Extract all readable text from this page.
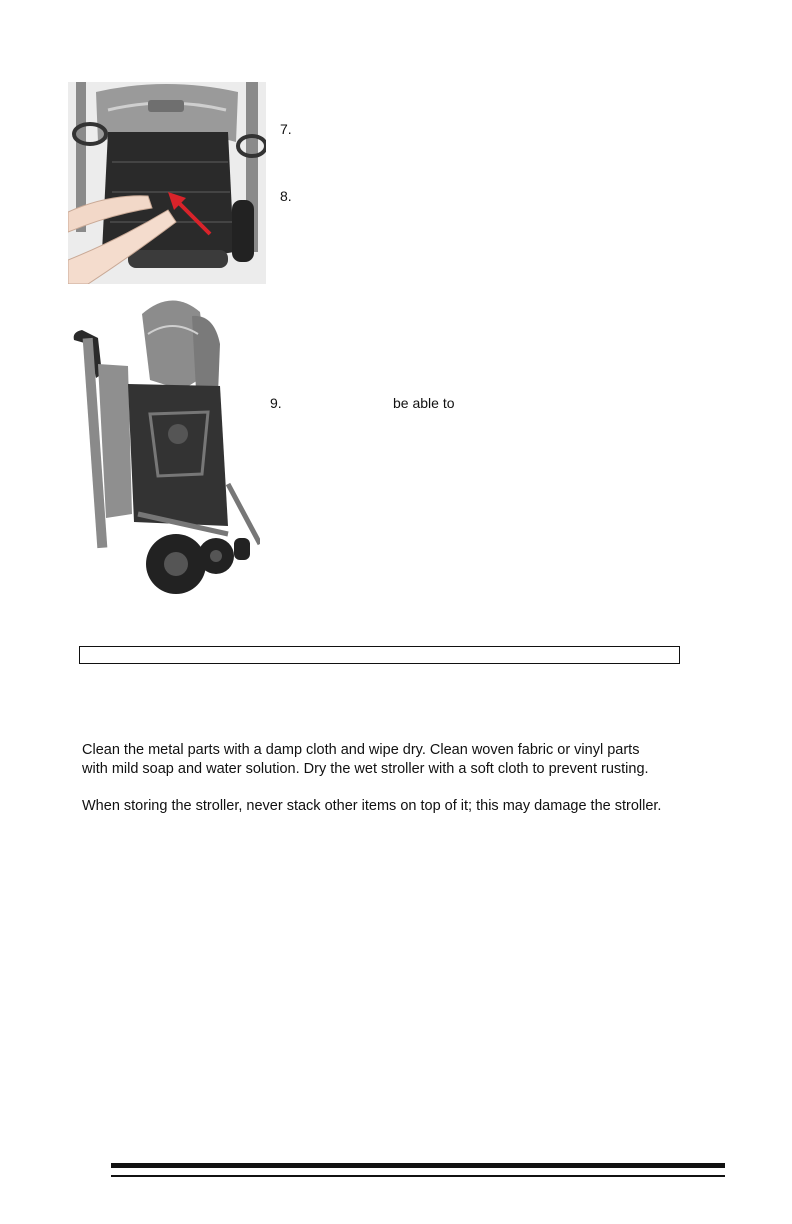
7.
8.
9.	be able to
Clean the metal parts with a damp cloth and wipe dry. Clean woven fabric or vinyl parts
with mild soap and water solution. Dry the wet stroller with a soft cloth to prevent rusting.
When storing the stroller, never stack other items on top of it; this may damage the stroller.
